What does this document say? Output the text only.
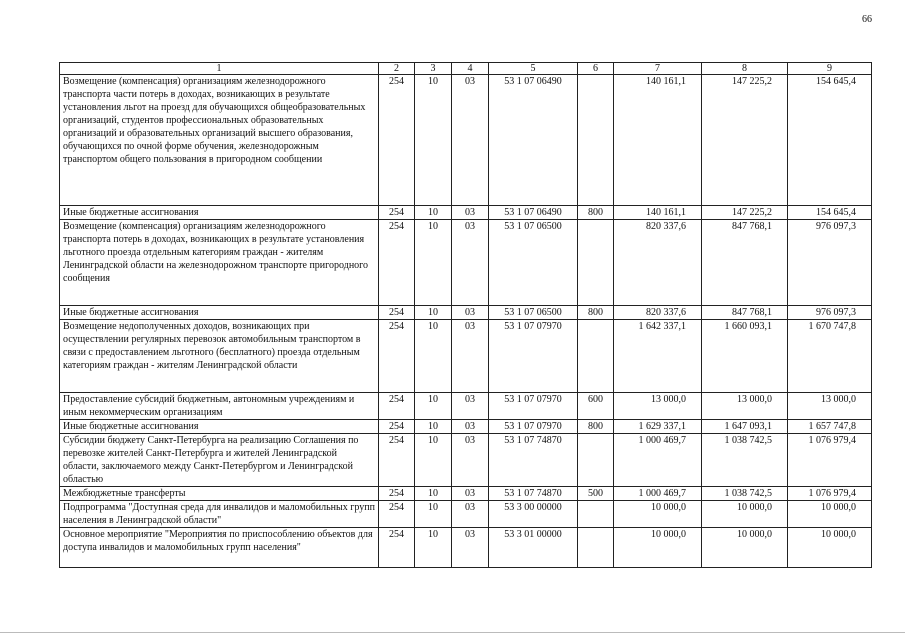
66
1	2	3	4	5	6	7	8	9
Возмещение (компенсация) организациям железнодорожного транспорта части потерь в доходах, возникающих в результате установления льгот на проезд для обучающихся общеобразовательных организаций, студентов профессиональных образовательных организаций и образовательных организаций высшего образования, обучающихся по очной форме обучения, железнодорожным транспортом общего пользования в пригородном сообщении	254	10	03	53 1 07 06490		140 161,1	147 225,2	154 645,4
Иные бюджетные ассигнования	254	10	03	53 1 07 06490	800	140 161,1	147 225,2	154 645,4
Возмещение (компенсация) организациям железнодорожного транспорта потерь в доходах, возникающих в результате установления льготного проезда отдельным категориям граждан - жителям Ленинградской области на железнодорожном транспорте пригородного сообщения	254	10	03	53 1 07 06500		820 337,6	847 768,1	976 097,3
Иные бюджетные ассигнования	254	10	03	53 1 07 06500	800	820 337,6	847 768,1	976 097,3
Возмещение недополученных доходов, возникающих при осуществлении регулярных перевозок автомобильным транспортом в связи с предоставлением льготного (бесплатного) проезда отдельным категориям граждан - жителям Ленинградской области	254	10	03	53 1 07 07970		1 642 337,1	1 660 093,1	1 670 747,8
Предоставление субсидий бюджетным, автономным учреждениям и иным некоммерческим организациям	254	10	03	53 1 07 07970	600	13 000,0	13 000,0	13 000,0
Иные бюджетные ассигнования	254	10	03	53 1 07 07970	800	1 629 337,1	1 647 093,1	1 657 747,8
Субсидии бюджету Санкт-Петербурга на реализацию Соглашения по перевозке жителей Санкт-Петербурга и жителей Ленинградской области, заключаемого между Санкт-Петербургом и Ленинградской областью	254	10	03	53 1 07 74870		1 000 469,7	1 038 742,5	1 076 979,4
Межбюджетные трансферты	254	10	03	53 1 07 74870	500	1 000 469,7	1 038 742,5	1 076 979,4
Подпрограмма "Доступная среда для инвалидов и маломобильных групп населения в Ленинградской области"	254	10	03	53 3 00 00000		10 000,0	10 000,0	10 000,0
Основное мероприятие "Мероприятия по приспособлению объектов для доступа инвалидов и маломобильных групп населения"	254	10	03	53 3 01 00000		10 000,0	10 000,0	10 000,0
